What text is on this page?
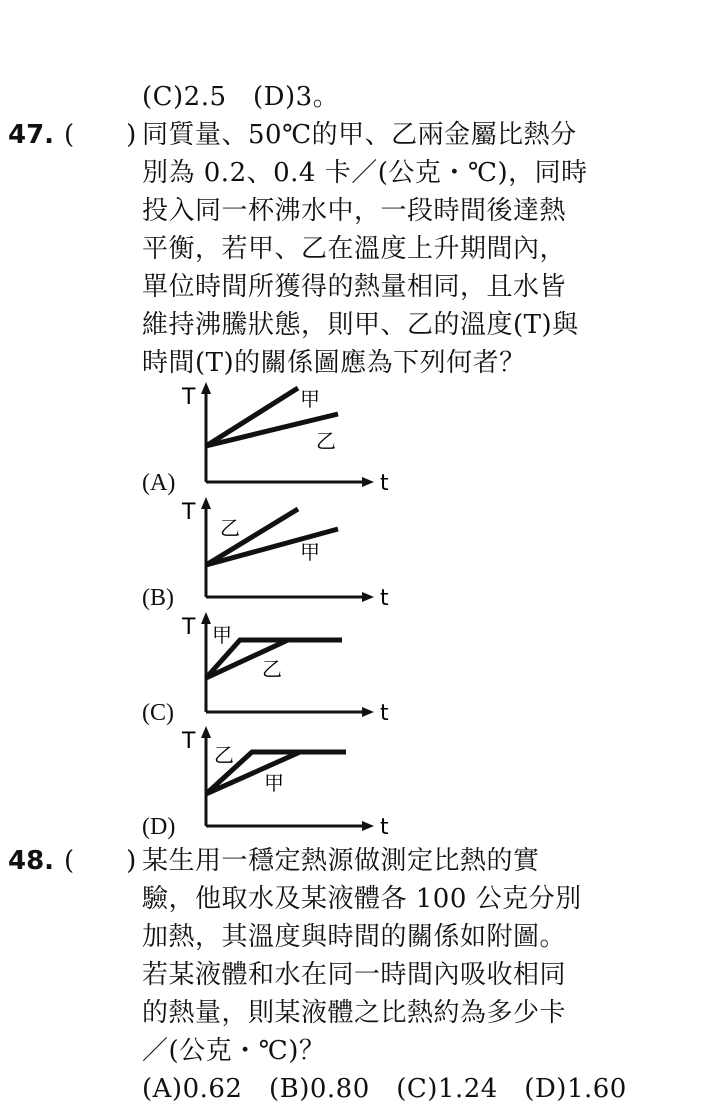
(C)2.5　(D)3。
47. (　　) 同質量、50℃的甲、乙兩金屬比熱分
別為 0.2、0.4 卡／(公克・℃)，同時
投入同一杯沸水中，一段時間後達熱
平衡，若甲、乙在溫度上升期間內，
單位時間所獲得的熱量相同，且水皆
維持沸騰狀態，則甲、乙的溫度(T)與
時間(T)的關係圖應為下列何者？
(A)
T
t
甲
乙
(B)
T
t
乙
甲
(C)
T
t
甲
乙
(D)
T
t
乙
甲
48. (　　) 某生用一穩定熱源做測定比熱的實
驗，他取水及某液體各 100 公克分別
加熱，其溫度與時間的關係如附圖。
若某液體和水在同一時間內吸收相同
的熱量，則某液體之比熱約為多少卡
／(公克・℃)？
(A)0.62　(B)0.80　(C)1.24　(D)1.60
